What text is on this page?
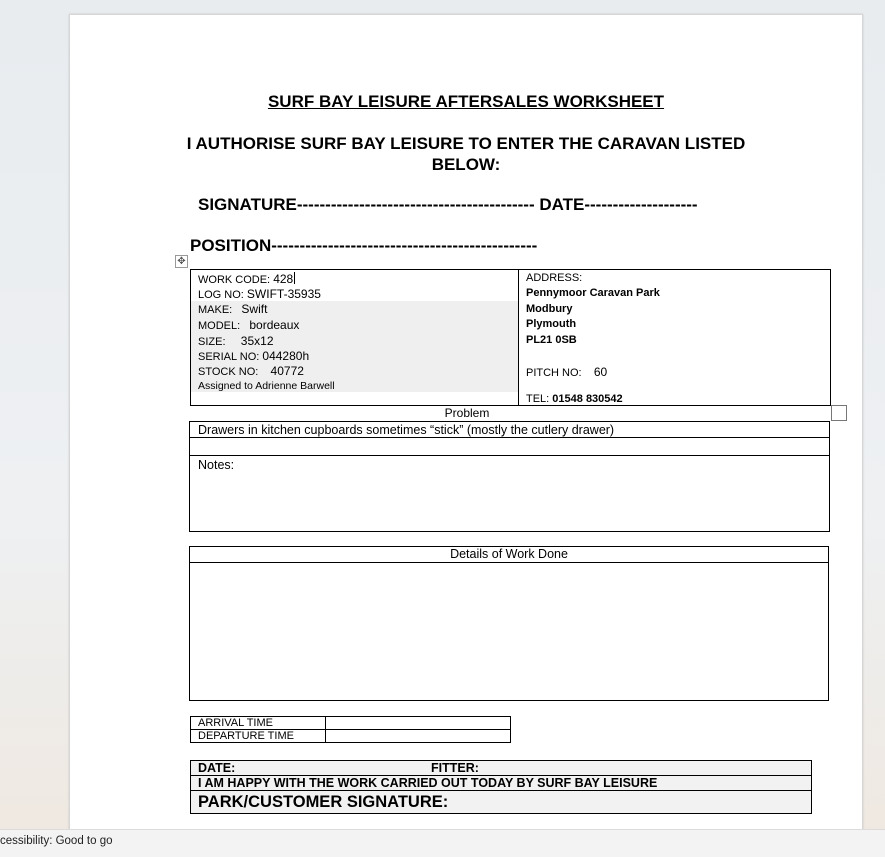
SURF BAY LEISURE AFTERSALES WORKSHEET
I AUTHORISE SURF BAY LEISURE TO ENTER THE CARAVAN LISTED BELOW:
SIGNATURE------------------------------------------ DATE--------------------
POSITION-----------------------------------------------
✥
WORK CODE: 428
LOG NO: SWIFT-35935
MAKE: Swift
MODEL: bordeaux
SIZE: 35x12
SERIAL NO: 044280h
STOCK NO: 40772
Assigned to Adrienne Barwell
ADDRESS:
Pennymoor Caravan Park
Modbury
Plymouth
PL21 0SB
PITCH NO: 60
TEL: 01548 830542
Problem
Drawers in kitchen cupboards sometimes “stick” (mostly the cutlery drawer)
Notes:
Details of Work Done
ARRIVAL TIME	
DEPARTURE TIME	
DATE:	FITTER:
I AM HAPPY WITH THE WORK CARRIED OUT TODAY BY SURF BAY LEISURE
PARK/CUSTOMER SIGNATURE:
cessibility: Good to go
